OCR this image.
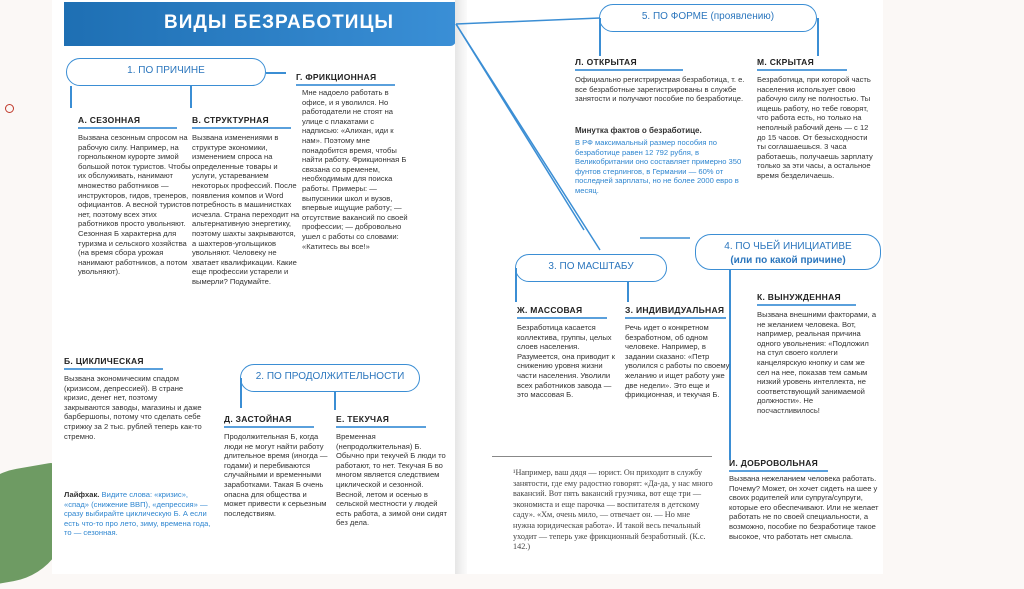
ВИДЫ БЕЗРАБОТИЦЫ
1. ПО ПРИЧИНЕ
А. СЕЗОННАЯ
Вызвана сезонным спросом на рабочую силу. Например, на горнолыжном курорте зимой большой поток туристов. Чтобы их обслуживать, нанимают множество работников — инструкторов, гидов, тренеров, официантов. А весной туристов нет, поэтому всех этих работников просто увольняют. Сезонная Б характерна для туризма и сельского хозяйства (на время сбора урожая нанимают работников, а потом увольняют).
В. СТРУКТУРНАЯ
Вызвана изменениями в структуре экономики, изменением спроса на определенные товары и услуги, устареванием некоторых профессий. После появления компов и Word потребность в машинистках исчезла. Страна переходит на альтернативную энергетику, поэтому шахты закрываются, а шахтеров-угольщиков увольняют. Человеку не хватает квалификации. Какие еще профессии устарели и вымерли? Подумайте.
Г. ФРИКЦИОННАЯ
Мне надоело работать в офисе, и я уволился. Но работодатели не стоят на улице с плакатами с надписью: «Алихан, иди к нам». Поэтому мне понадобится время, чтобы найти работу. Фрикционная Б связана со временем, необходимым для поиска работы. Примеры: — выпускники школ и вузов, впервые ищущие работу; — отсутствие вакансий по своей профессии; — добровольно ушел с работы со словами: «Катитесь вы все!»
Б. ЦИКЛИЧЕСКАЯ
Вызвана экономическим спадом (кризисом, депрессией). В стране кризис, денег нет, поэтому закрываются заводы, магазины и даже барбершопы, потому что сделать себе стрижку за 2 тыс. рублей теперь как-то стремно.
Лайфхак. Видите слова: «кризис», «спад» (снижение ВВП), «депрессия» — сразу выбирайте циклическую Б. А если есть что-то про лето, зиму, времена года, то — сезонная.
2. ПО ПРОДОЛЖИТЕЛЬНОСТИ
Д. ЗАСТОЙНАЯ
Продолжительная Б, когда люди не могут найти работу длительное время (иногда — годами) и перебиваются случайными и временными заработками. Такая Б очень опасна для общества и может привести к серьезным последствиям.
Е. ТЕКУЧАЯ
Временная (непродолжительная) Б. Обычно при текучей Б люди то работают, то нет. Текучая Б во многом является следствием циклической и сезонной. Весной, летом и осенью в сельской местности у людей есть работа, а зимой они сидят без дела.
5. ПО ФОРМЕ (проявлению)
Л. ОТКРЫТАЯ
Официально регистрируемая безработица, т. е. все безработные зарегистрированы в службе занятости и получают пособие по безработице.
Минутка фактов о безработице.
В РФ максимальный размер пособия по безработице равен 12 792 рубля, в Великобритании оно составляет примерно 350 фунтов стерлингов, в Германии — 60% от последней зарплаты, но не более 2000 евро в месяц.
М. СКРЫТАЯ
Безработица, при которой часть населения использует свою рабочую силу не полностью. Ты ищешь работу, но тебе говорят, что работа есть, но только на неполный рабочий день — с 12 до 15 часов. От безысходности ты соглашаешься. 3 часа работаешь, получаешь зарплату только за эти часы, а остальное время безделичаешь.
4. ПО ЧЬЕЙ ИНИЦИАТИВЕ
(или по какой причине)
3. ПО МАСШТАБУ
Ж. МАССОВАЯ
Безработица касается коллектива, группы, целых слоев населения. Разумеется, она приводит к снижению уровня жизни части населения. Уволили всех работников завода — это массовая Б.
З. ИНДИВИДУАЛЬНАЯ
Речь идет о конкретном безработном, об одном человеке. Например, в задании сказано: «Петр уволился с работы по своему желанию и ищет работу уже две недели». Это еще и фрикционная, и текучая Б.
К. ВЫНУЖДЕННАЯ
Вызвана внешними факторами, а не желанием человека. Вот, например, реальная причина одного увольнения: «Подложил на стул своего коллеги канцелярскую кнопку и сам же сел на нее, показав тем самым низкий уровень интеллекта, не соответствующий занимаемой должности». Не посчастливилось!
И. ДОБРОВОЛЬНАЯ
Вызвана нежеланием человека работать. Почему? Может, он хочет сидеть на шее у своих родителей или супруга/супруги, которые его обеспечивают. Или не желает работать не по своей специальности, а возможно, пособие по безработице такое высокое, что работать нет смысла.
¹Например, ваш дядя — юрист. Он приходит в службу занятости, где ему радостно говорят: «Да-да, у нас много вакансий. Вот пять вакансий грузчика, вот еще три — экономиста и еще парочка — воспитателя в детскому саду». «Хм, очень мило, — отвечает он. — Но мне нужна юридическая работа». И такой весь печальный уходит — теперь уже фрикционный безработный. (К.с. 142.)
